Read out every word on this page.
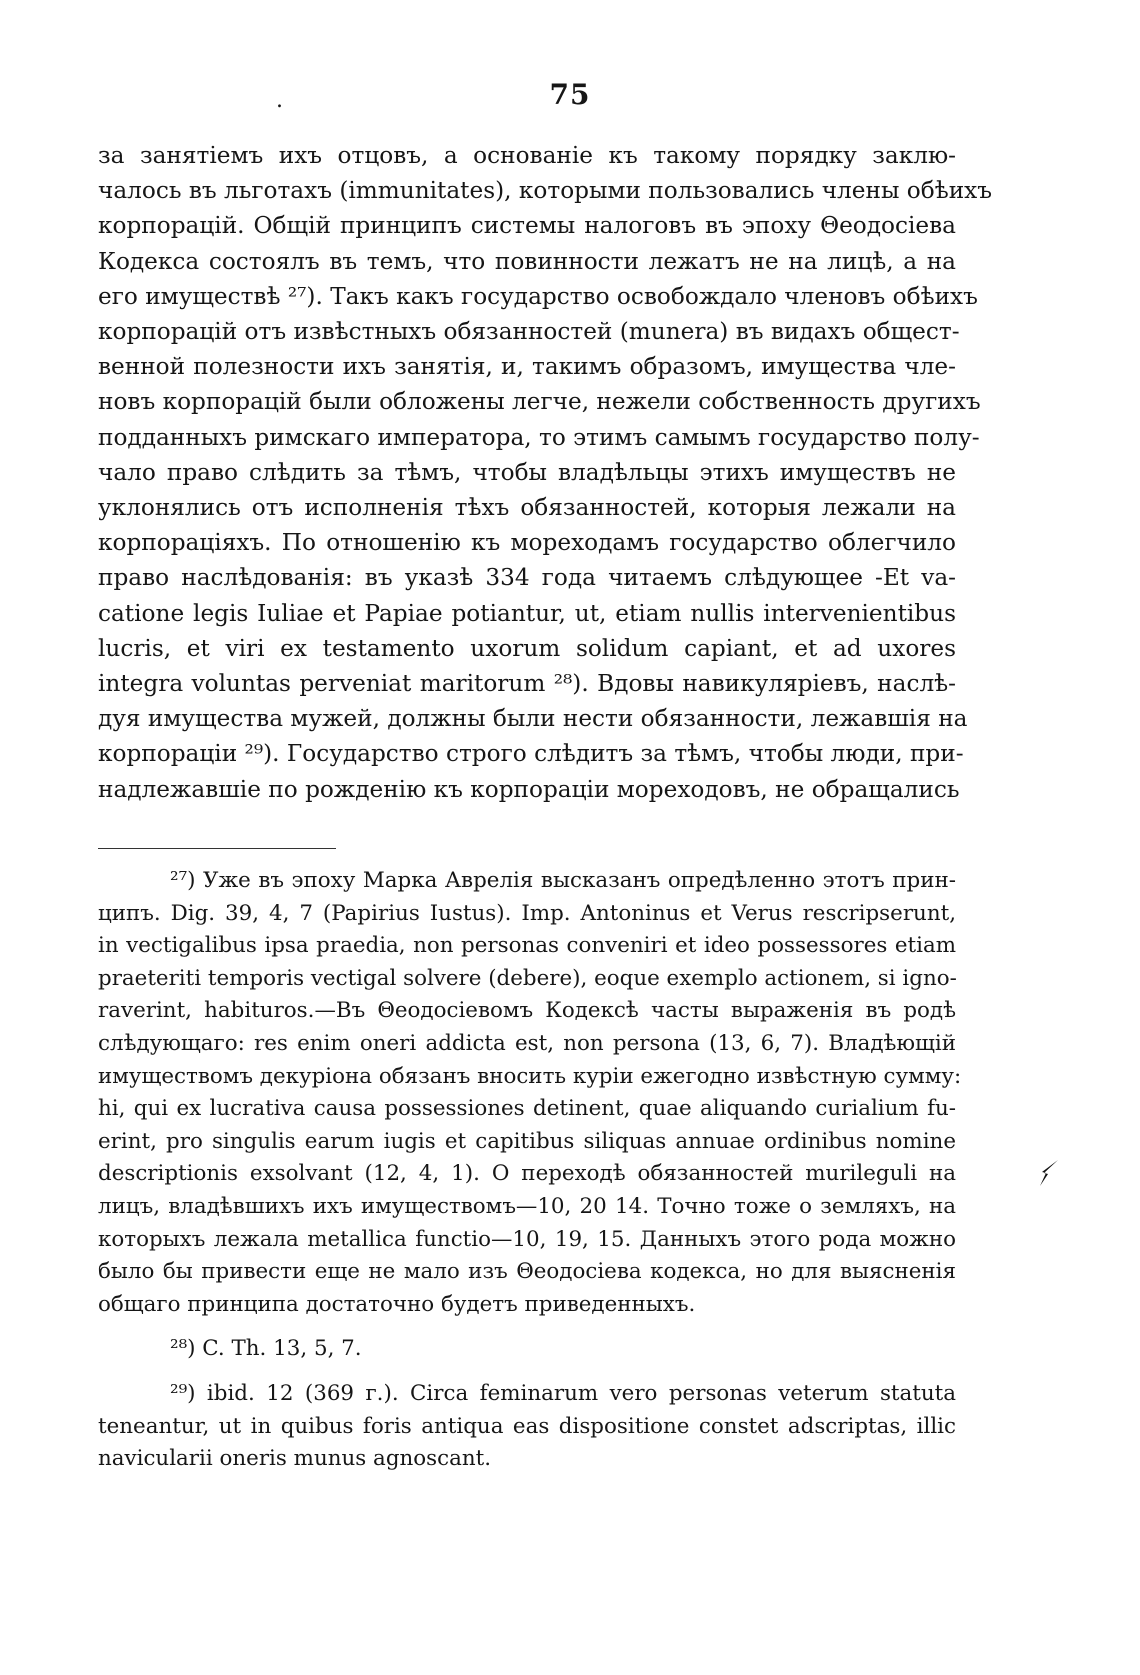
.	75
за занятіемъ ихъ отцовъ, а основаніе къ такому порядку заклю-
чалось въ льготахъ (immunitates), которыми пользовались члены обѣихъ
корпорацій. Общій принципъ системы налоговъ въ эпоху Θеодосіева
Кодекса состоялъ въ темъ, что повинности лежатъ не на лицѣ, а на
его имуществѣ ²⁷). Такъ какъ государство освобождало членовъ обѣихъ
корпорацій отъ извѣстныхъ обязанностей (munera) въ видахъ общест-
венной полезности ихъ занятія, и, такимъ образомъ, имущества чле-
новъ корпорацій были обложены легче, нежели собственность другихъ
подданныхъ римскаго императора, то этимъ самымъ государство полу-
чало право слѣдить за тѣмъ, чтобы владѣльцы этихъ имуществъ не
уклонялись отъ исполненія тѣхъ обязанностей, которыя лежали на
корпораціяхъ. По отношенію къ мореходамъ государство облегчило
право наслѣдованія: въ указѣ 334 года читаемъ слѣдующее -Et va-
catione legis Iuliae et Papiae potiantur, ut, etiam nullis intervenientibus
lucris, et viri ex testamento uxorum solidum capiant, et ad uxores
integra voluntas perveniat maritorum ²⁸). Вдовы навикуляріевъ, наслѣ-
дуя имущества мужей, должны были нести обязанности, лежавшія на
корпораціи ²⁹). Государство строго слѣдитъ за тѣмъ, чтобы люди, при-
надлежавшіе по рожденію къ корпораціи мореходовъ, не обращались
²⁷) Уже въ эпоху Марка Аврелія высказанъ опредѣленно этотъ прин-
ципъ. Dig. 39, 4, 7 (Papirius Iustus). Imp. Antoninus et Verus rescripserunt,
in vectigalibus ipsa praedia, non personas conveniri et ideo possessores etiam
praeteriti temporis vectigal solvere (debere), eoque exemplo actionem, si igno-
raverint, habituros.—Въ Θеодосіевомъ Кодексѣ часты выраженія въ родѣ
слѣдующаго: res enim oneri addicta est, non persona (13, 6, 7). Владѣющій
имуществомъ декуріона обязанъ вносить куріи ежегодно извѣстную сумму:
hi, qui ex lucrativa causa possessiones detinent, quae aliquando curialium fu-
erint, pro singulis earum iugis et capitibus siliquas annuae ordinibus nomine
descriptionis exsolvant (12, 4, 1). О переходѣ обязанностей murileguli на
лицъ, владѣвшихъ ихъ имуществомъ—10, 20 14. Точно тоже о земляхъ, на
которыхъ лежала metallica functio—10, 19, 15. Данныхъ этого рода можно
было бы привести еще не мало изъ Θеодосіева кодекса, но для выясненія
общаго принципа достаточно будетъ приведенныхъ.
²⁸) C. Th. 13, 5, 7.
²⁹) ibid. 12 (369 г.). Circa feminarum vero personas veterum statuta
teneantur, ut in quibus foris antiqua eas dispositione constet adscriptas, illic
navicularii oneris munus agnoscant.
